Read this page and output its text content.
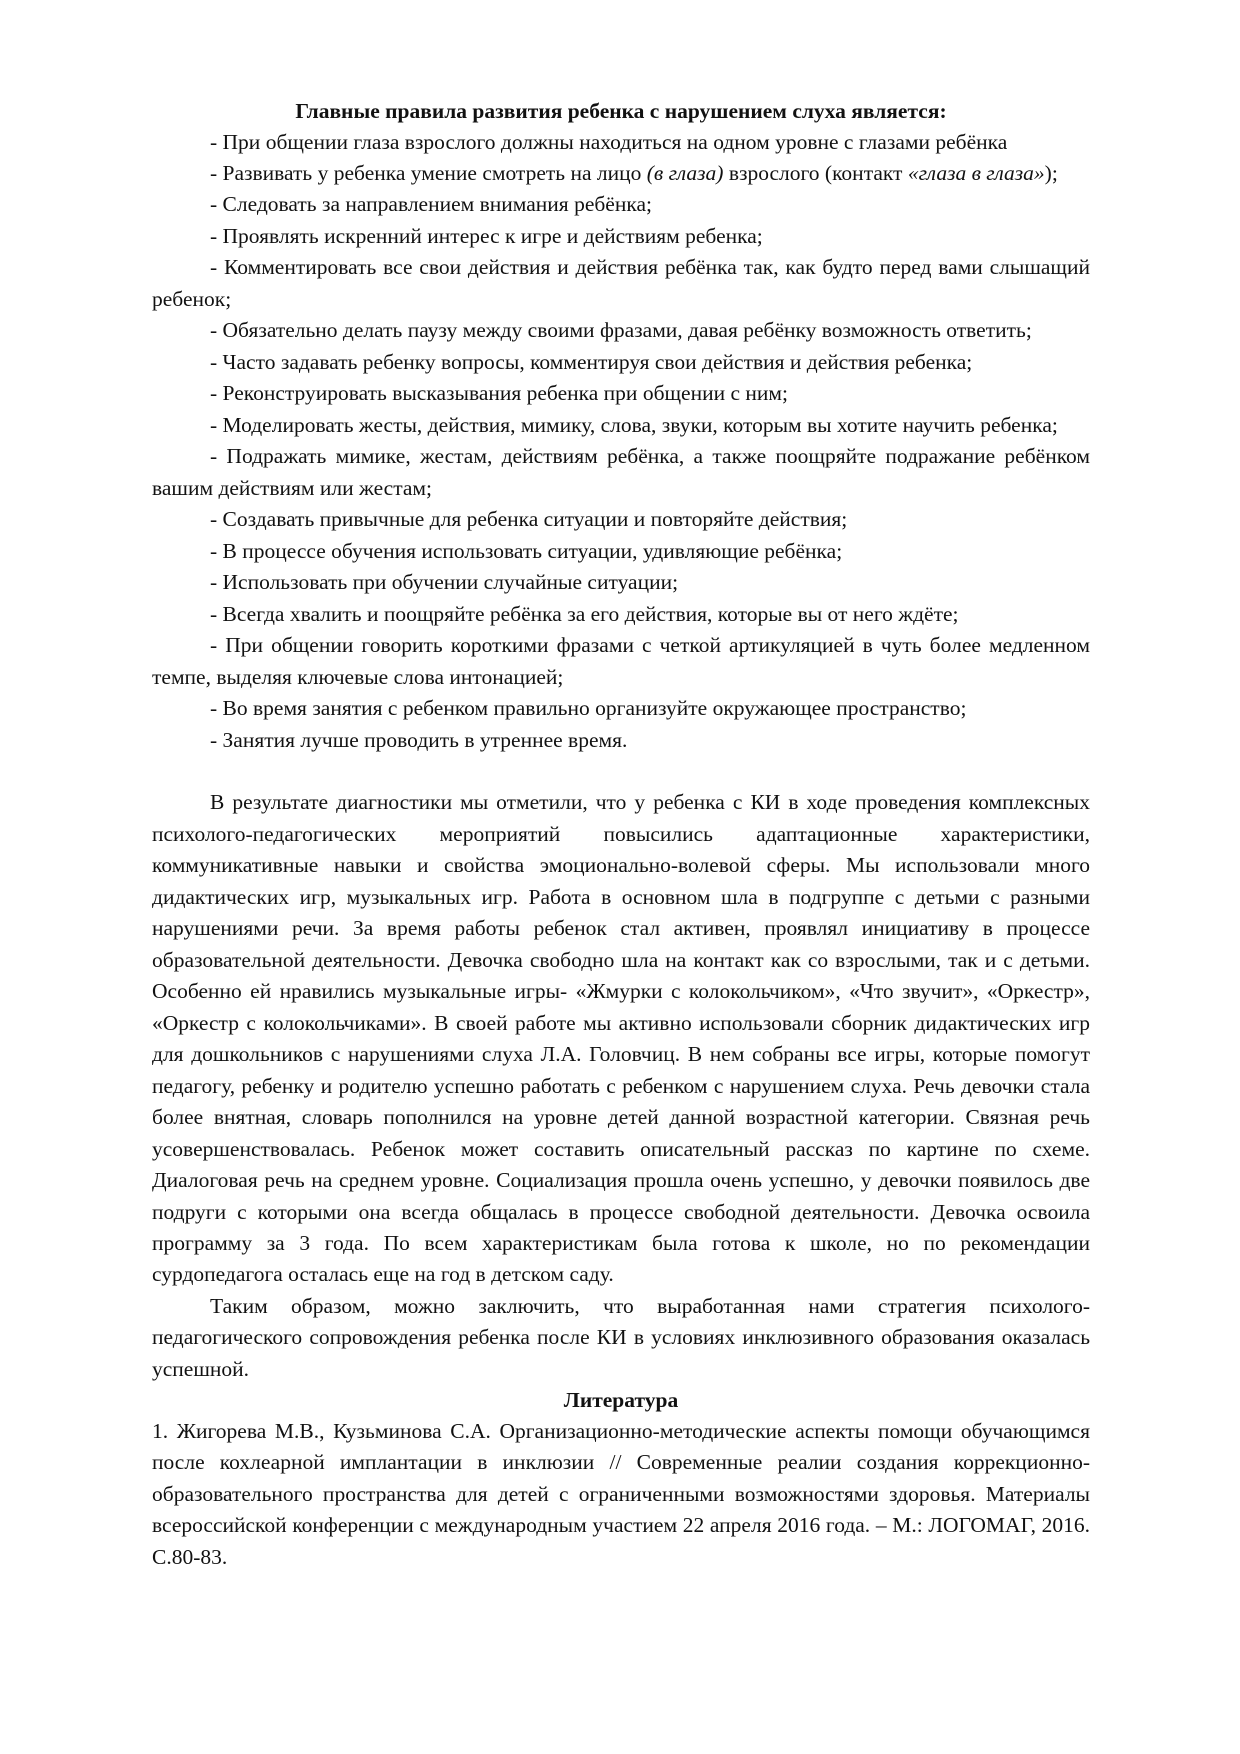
Главные правила развития ребенка с нарушением слуха является:

- При общении глаза взрослого должны находиться на одном уровне с глазами ребёнка

- Развивать у ребенка умение смотреть на лицо (в глаза) взрослого (контакт «глаза в глаза»);

- Следовать за направлением внимания ребёнка;

- Проявлять искренний интерес к игре и действиям ребенка;

- Комментировать все свои действия и действия ребёнка так, как будто перед вами слышащий ребенок;

- Обязательно делать паузу между своими фразами, давая ребёнку возможность ответить;

- Часто задавать ребенку вопросы, комментируя свои действия и действия ребенка;

- Реконструировать высказывания ребенка при общении с ним;

- Моделировать жесты, действия, мимику, слова, звуки, которым вы хотите научить ребенка;

- Подражать мимике, жестам, действиям ребёнка, а также поощряйте подражание ребёнком вашим действиям или жестам;

- Создавать привычные для ребенка ситуации и повторяйте действия;

- В процессе обучения использовать ситуации, удивляющие ребёнка;

- Использовать при обучении случайные ситуации;

- Всегда хвалить и поощряйте ребёнка за его действия, которые вы от него ждёте;

- При общении говорить короткими фразами с четкой артикуляцией в чуть более медленном темпе, выделяя ключевые слова интонацией;

- Во время занятия с ребенком правильно организуйте окружающее пространство;

- Занятия лучше проводить в утреннее время.

В результате диагностики мы отметили, что у ребенка с КИ в ходе проведения комплексных психолого-педагогических мероприятий повысились адаптационные характеристики, коммуникативные навыки и свойства эмоционально-волевой сферы. Мы использовали много дидактических игр, музыкальных игр. Работа в основном шла в подгруппе с детьми с разными нарушениями речи. За время работы ребенок стал активен, проявлял инициативу в процессе образовательной деятельности. Девочка свободно шла на контакт как со взрослыми, так и с детьми. Особенно ей нравились музыкальные игры- «Жмурки с колокольчиком», «Что звучит», «Оркестр», «Оркестр с колокольчиками». В своей работе мы активно использовали сборник дидактических игр для дошкольников с нарушениями слуха Л.А. Головчиц. В нем собраны все игры, которые помогут педагогу, ребенку и родителю успешно работать с ребенком с нарушением слуха. Речь девочки стала более внятная, словарь пополнился на уровне детей данной возрастной категории. Связная речь усовершенствовалась. Ребенок может составить описательный рассказ по картине по схеме. Диалоговая речь на среднем уровне. Социализация прошла очень успешно, у девочки появилось две подруги с которыми она всегда общалась в процессе свободной деятельности. Девочка освоила программу за 3 года. По всем характеристикам была готова к школе, но по рекомендации сурдопедагога осталась еще на год в детском саду.

Таким образом, можно заключить, что выработанная нами стратегия психолого-педагогического сопровождения ребенка после КИ в условиях инклюзивного образования оказалась успешной.

Литература

1. Жигорева М.В., Кузьминова С.А. Организационно-методические аспекты помощи обучающимся после кохлеарной имплантации в инклюзии // Современные реалии создания коррекционно-образовательного пространства для детей с ограниченными возможностями здоровья. Материалы всероссийской конференции с международным участием 22 апреля 2016 года. – М.: ЛОГОМАГ, 2016. С.80-83.
